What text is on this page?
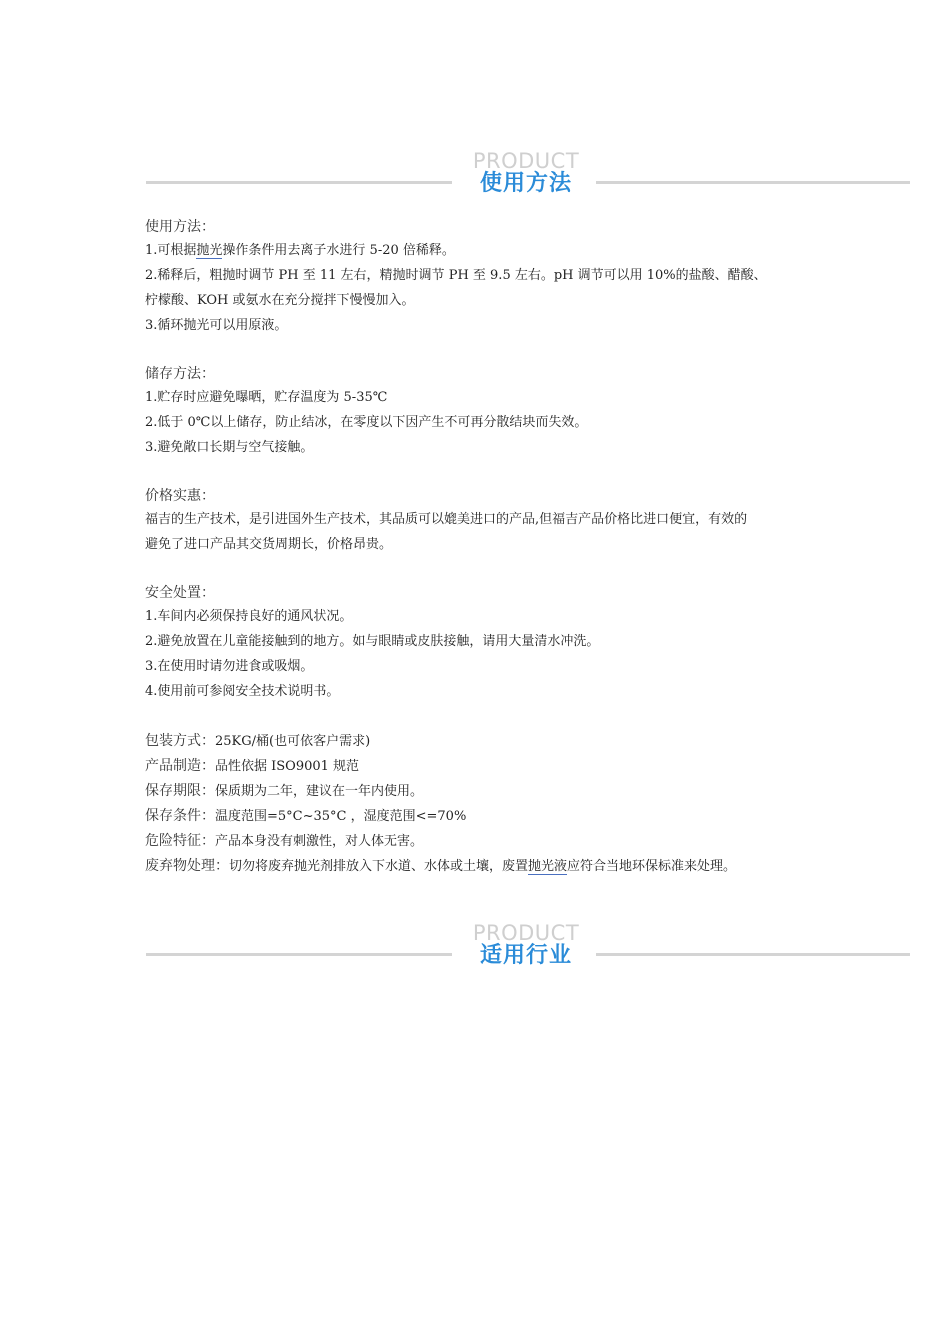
PRODUCT
使用方法

使用方法：

1.可根据抛光操作条件用去离子水进行 5-20 倍稀释。

2.稀释后，粗抛时调节 PH 至 11 左右，精抛时调节 PH 至 9.5 左右。pH 调节可以用 10%的盐酸、醋酸、

柠檬酸、KOH 或氨水在充分搅拌下慢慢加入。

3.循环抛光可以用原液。

储存方法：

1.贮存时应避免曝晒，贮存温度为 5-35℃

2.低于 0℃以上储存，防止结冰，在零度以下因产生不可再分散结块而失效。

3.避免敞口长期与空气接触。

价格实惠：

福吉的生产技术，是引进国外生产技术，其品质可以媲美进口的产品,但福吉产品价格比进口便宜，有效的

避免了进口产品其交货周期长，价格昂贵。

安全处置：

1.车间内必须保持良好的通风状况。

2.避免放置在儿童能接触到的地方。如与眼睛或皮肤接触，请用大量清水冲洗。

3.在使用时请勿进食或吸烟。

4.使用前可参阅安全技术说明书。

包装方式：25KG/桶(也可依客户需求)

产品制造：品性依据 ISO9001 规范

保存期限：保质期为二年，建议在一年内使用。

保存条件：温度范围=5°C~35°C ，湿度范围<=70%

危险特征：产品本身没有刺激性，对人体无害。

废弃物处理：切勿将废弃抛光剂排放入下水道、水体或土壤，废置抛光液应符合当地环保标准来处理。

PRODUCT
适用行业
